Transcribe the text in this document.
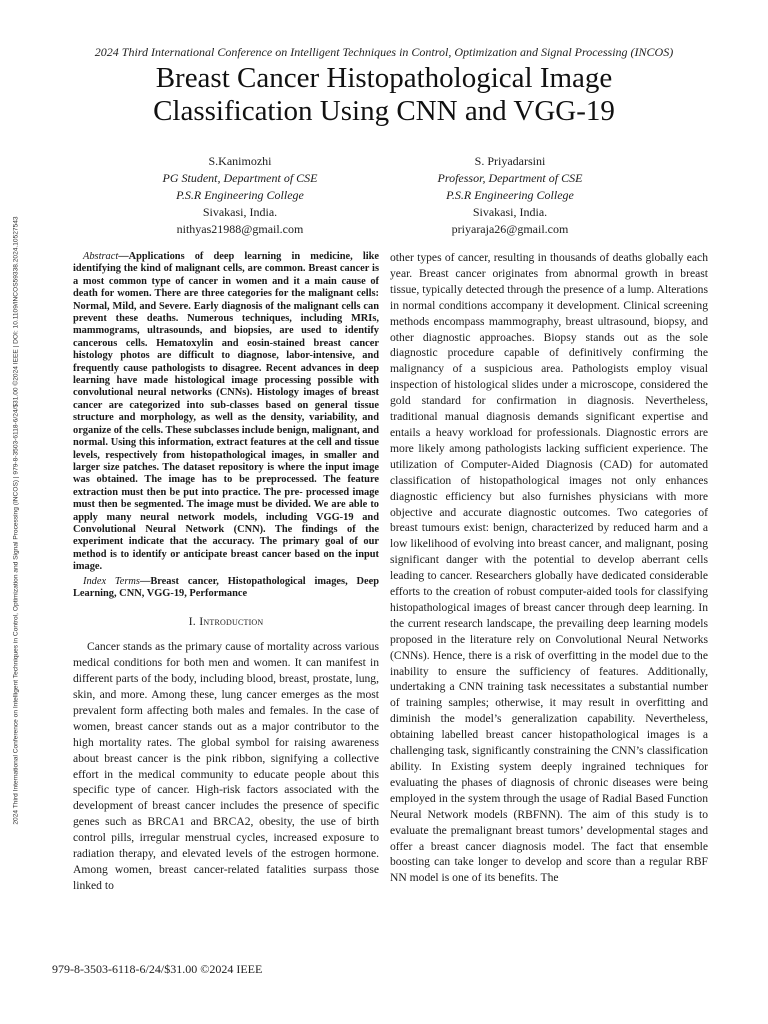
2024 Third International Conference on Intelligent Techniques in Control, Optimization and Signal Processing (INCOS) | 979-8-3503-6118-6/24/$31.00 ©2024 IEEE | DOI: 10.1109/INCOS59338.2024.10527543
2024 Third International Conference on Intelligent Techniques in Control, Optimization and Signal Processing (INCOS)
Breast Cancer Histopathological Image
Classification Using CNN and VGG-19
S.Kanimozhi
PG Student, Department of CSE
P.S.R Engineering College
Sivakasi, India.
nithyas21988@gmail.com
S. Priyadarsini
Professor, Department of CSE
P.S.R Engineering College
Sivakasi, India.
priyaraja26@gmail.com

Abstract—Applications of deep learning in medicine, like identifying the kind of malignant cells, are common. Breast cancer is a most common type of cancer in women and it a main cause of death for women. There are three categories for the malignant cells: Normal, Mild, and Severe. Early diagnosis of the malignant cells can prevent these deaths. Numerous techniques, including MRIs, mammograms, ultrasounds, and biopsies, are used to identify cancerous cells. Hematoxylin and eosin-stained breast cancer histology photos are difficult to diagnose, labor-intensive, and frequently cause pathologists to disagree. Recent advances in deep learning have made histological image processing possible with convolutional neural networks (CNNs). Histology images of breast cancer are categorized into sub-classes based on general tissue structure and morphology, as well as the density, variability, and organize of the cells. These subclasses include benign, malignant, and normal. Using this information, extract features at the cell and tissue levels, respectively from histopathological images, in smaller and larger size patches. The dataset repository is where the input image was obtained. The image has to be preprocessed. The feature extraction must then be put into practice. The pre- processed image must then be segmented. The image must be divided. We are able to apply many neural network models, including VGG-19 and Convolutional Neural Network (CNN). The findings of the experiment indicate that the accuracy. The primary goal of our method is to identify or anticipate breast cancer based on the input image.

Index Terms—Breast cancer, Histopathological images, Deep Learning, CNN, VGG-19, Performance

I. Introduction

Cancer stands as the primary cause of mortality across various medical conditions for both men and women. It can manifest in different parts of the body, including blood, breast, prostate, lung, skin, and more. Among these, lung cancer emerges as the most prevalent form affecting both males and females. In the case of women, breast cancer stands out as a major contributor to the high mortality rates. The global symbol for raising awareness about breast cancer is the pink ribbon, signifying a collective effort in the medical community to educate people about this specific type of cancer. High-risk factors associated with the development of breast cancer includes the presence of specific genes such as BRCA1 and BRCA2, obesity, the use of birth control pills, irregular menstrual cycles, increased exposure to radiation therapy, and elevated levels of the estrogen hormone. Among women, breast cancer-related fatalities surpass those linked to

other types of cancer, resulting in thousands of deaths globally each year. Breast cancer originates from abnormal growth in breast tissue, typically detected through the presence of a lump. Alterations in normal conditions accompany it development. Clinical screening methods encompass mammography, breast ultrasound, biopsy, and other diagnostic approaches. Biopsy stands out as the sole diagnostic procedure capable of definitively confirming the malignancy of a suspicious area. Pathologists employ visual inspection of histological slides under a microscope, considered the gold standard for confirmation in diagnosis. Nevertheless, traditional manual diagnosis demands significant expertise and entails a heavy workload for professionals. Diagnostic errors are more likely among pathologists lacking sufficient experience. The utilization of Computer-Aided Diagnosis (CAD) for automated classification of histopathological images not only enhances diagnostic efficiency but also furnishes physicians with more objective and accurate diagnostic outcomes. Two categories of breast tumours exist: benign, characterized by reduced harm and a low likelihood of evolving into breast cancer, and malignant, posing significant danger with the potential to develop aberrant cells leading to cancer. Researchers globally have dedicated considerable efforts to the creation of robust computer-aided tools for classifying histopathological images of breast cancer through deep learning. In the current research landscape, the prevailing deep learning models proposed in the literature rely on Convolutional Neural Networks (CNNs). Hence, there is a risk of overfitting in the model due to the inability to ensure the sufficiency of features. Additionally, undertaking a CNN training task necessitates a substantial number of training samples; otherwise, it may result in overfitting and diminish the model’s generalization capability. Nevertheless, obtaining labelled breast cancer histopathological images is a challenging task, significantly constraining the CNN’s classification ability. In Existing system deeply ingrained techniques for evaluating the phases of diagnosis of chronic diseases were being employed in the system through the usage of Radial Based Function Neural Network models (RBFNN). The aim of this study is to evaluate the premalignant breast tumors’ developmental stages and offer a breast cancer diagnosis model. The fact that ensemble boosting can take longer to develop and score than a regular RBF NN model is one of its benefits. The

979-8-3503-6118-6/24/$31.00 ©2024 IEEE
